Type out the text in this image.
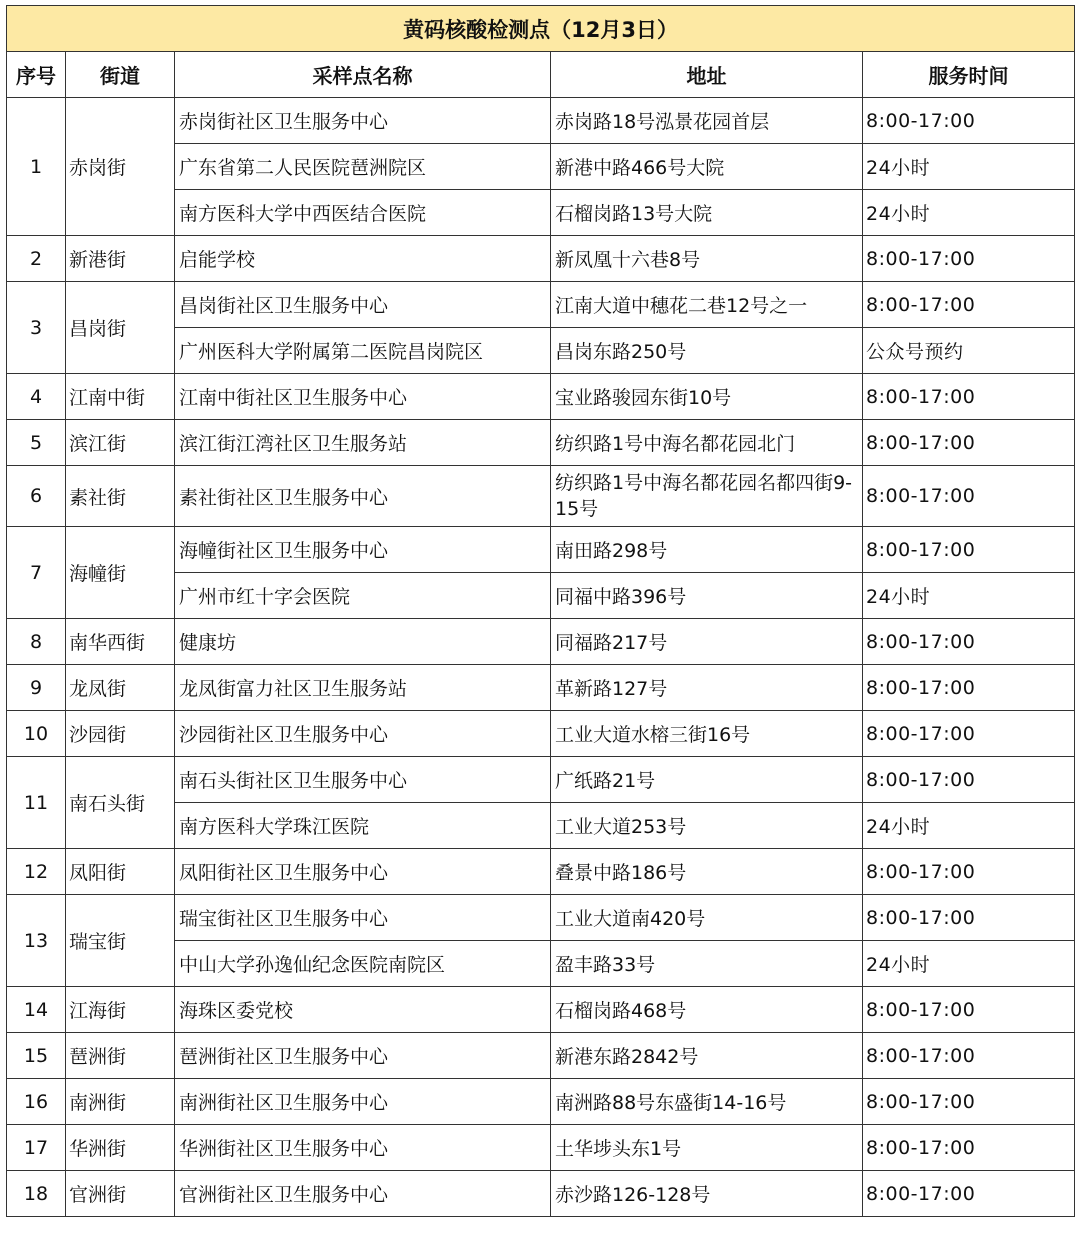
黄码核酸检测点（12月3日）				
序号	街道	采样点名称	地址	服务时间
1	赤岗街	赤岗街社区卫生服务中心	赤岗路18号泓景花园首层	8:00-17:00
		广东省第二人民医院琶洲院区	新港中路466号大院	24小时
		南方医科大学中西医结合医院	石榴岗路13号大院	24小时
2	新港街	启能学校	新凤凰十六巷8号	8:00-17:00
3	昌岗街	昌岗街社区卫生服务中心	江南大道中穗花二巷12号之一	8:00-17:00
		广州医科大学附属第二医院昌岗院区	昌岗东路250号	公众号预约
4	江南中街	江南中街社区卫生服务中心	宝业路骏园东街10号	8:00-17:00
5	滨江街	滨江街江湾社区卫生服务站	纺织路1号中海名都花园北门	8:00-17:00
6	素社街	素社街社区卫生服务中心	纺织路1号中海名都花园名都四街9-15号	8:00-17:00
7	海幢街	海幢街社区卫生服务中心	南田路298号	8:00-17:00
		广州市红十字会医院	同福中路396号	24小时
8	南华西街	健康坊	同福路217号	8:00-17:00
9	龙凤街	龙凤街富力社区卫生服务站	革新路127号	8:00-17:00
10	沙园街	沙园街社区卫生服务中心	工业大道水榕三街16号	8:00-17:00
11	南石头街	南石头街社区卫生服务中心	广纸路21号	8:00-17:00
		南方医科大学珠江医院	工业大道253号	24小时
12	凤阳街	凤阳街社区卫生服务中心	叠景中路186号	8:00-17:00
13	瑞宝街	瑞宝街社区卫生服务中心	工业大道南420号	8:00-17:00
		中山大学孙逸仙纪念医院南院区	盈丰路33号	24小时
14	江海街	海珠区委党校	石榴岗路468号	8:00-17:00
15	琶洲街	琶洲街社区卫生服务中心	新港东路2842号	8:00-17:00
16	南洲街	南洲街社区卫生服务中心	南洲路88号东盛街14-16号	8:00-17:00
17	华洲街	华洲街社区卫生服务中心	土华埗头东1号	8:00-17:00
18	官洲街	官洲街社区卫生服务中心	赤沙路126-128号	8:00-17:00
